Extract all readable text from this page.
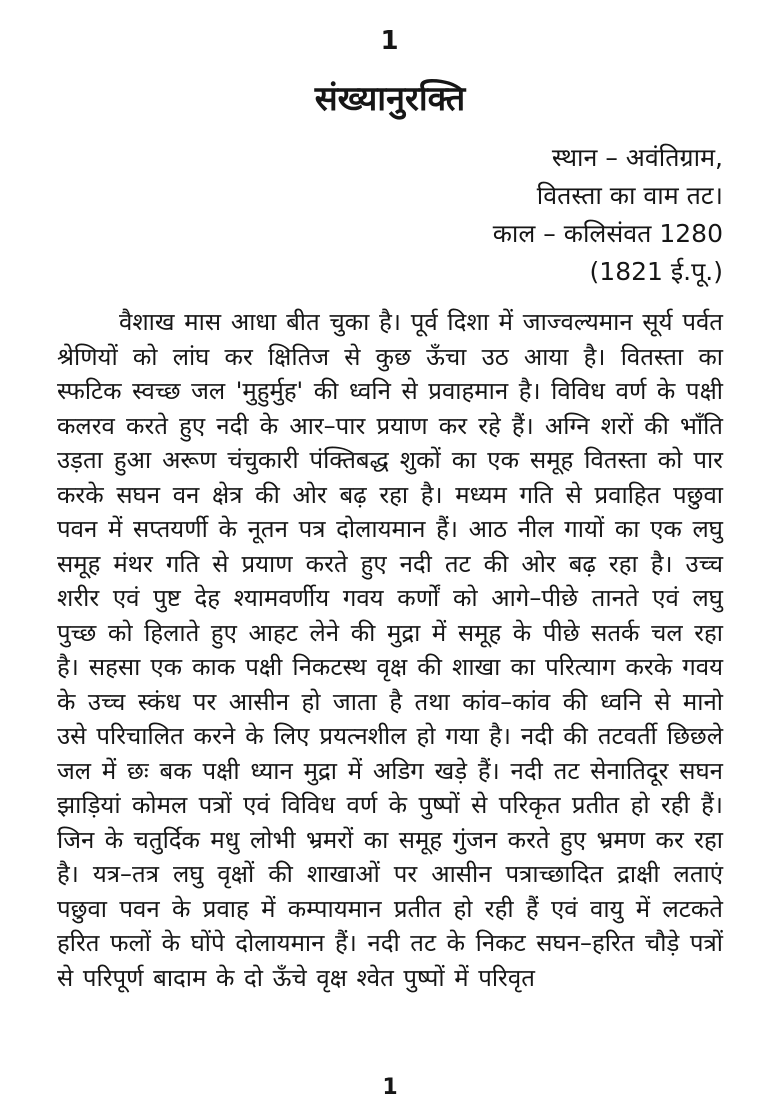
1
संख्यानुरक्ति
स्थान – अवंतिग्राम,
वितस्ता का वाम तट।
काल – कलिसंवत 1280
(1821 ई.पू.)

वैशाख मास आधा बीत चुका है। पूर्व दिशा में जाज्वल्यमान सूर्य पर्वत श्रेणियों को लांघ कर क्षितिज से कुछ ऊँचा उठ आया है। वितस्ता का स्फटिक स्वच्छ जल 'मुहुर्मुह' की ध्वनि से प्रवाहमान है। विविध वर्ण के पक्षी कलरव करते हुए नदी के आर–पार प्रयाण कर रहे हैं। अग्नि शरों की भाँति उड़ता हुआ अरूण चंचुकारी पंक्तिबद्ध शुकों का एक समूह वितस्ता को पार करके सघन वन क्षेत्र की ओर बढ़ रहा है। मध्यम गति से प्रवाहित पछुवा पवन में सप्तयर्णी के नूतन पत्र दोलायमान हैं। आठ नील गायों का एक लघु समूह मंथर गति से प्रयाण करते हुए नदी तट की ओर बढ़ रहा है। उच्च शरीर एवं पुष्ट देह श्यामवर्णीय गवय कर्णों को आगे–पीछे तानते एवं लघु पुच्छ को हिलाते हुए आहट लेने की मुद्रा में समूह के पीछे सतर्क चल रहा है। सहसा एक काक पक्षी निकटस्थ वृक्ष की शाखा का परित्याग करके गवय के उच्च स्कंध पर आसीन हो जाता है तथा कांव–कांव की ध्वनि से मानो उसे परिचालित करने के लिए प्रयत्नशील हो गया है। नदी की तटवर्ती छिछले जल में छः बक पक्षी ध्यान मुद्रा में अडिग खड़े हैं। नदी तट सेनातिदूर सघन झाड़ियां कोमल पत्रों एवं विविध वर्ण के पुष्पों से परिकृत प्रतीत हो रही हैं। जिन के चतुर्दिक मधु लोभी भ्रमरों का समूह गुंजन करते हुए भ्रमण कर रहा है। यत्र–तत्र लघु वृक्षों की शाखाओं पर आसीन पत्राच्छादित द्राक्षी लताएं पछुवा पवन के प्रवाह में कम्पायमान प्रतीत हो रही हैं एवं वायु में लटकते हरित फलों के घोंपे दोलायमान हैं। नदी तट के निकट सघन–हरित चौड़े पत्रों से परिपूर्ण बादाम के दो ऊँचे वृक्ष श्वेत पुष्पों में परिवृत

1
